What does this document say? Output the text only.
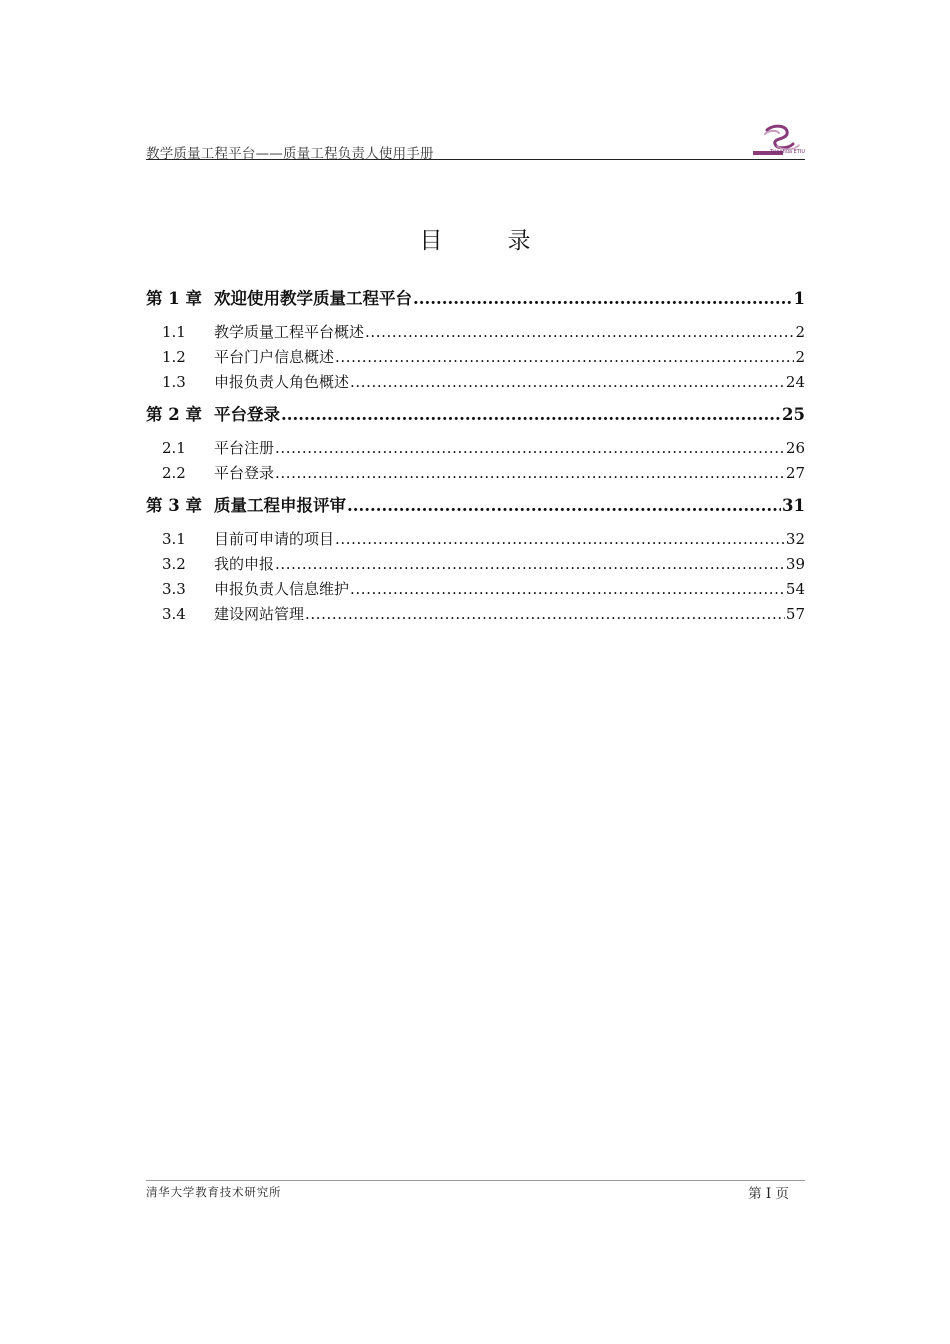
教学质量工程平台——质量工程负责人使用手册	Tsinghua ETIU
目录
第 1 章 欢迎使用教学质量工程平台 .....	1
1.1	教学质量工程平台概述 .....	2
1.2	平台门户信息概述 .....	2
1.3	申报负责人角色概述 .....	24
第 2 章 平台登录 .....	25
2.1	平台注册 .....	26
2.2	平台登录 .....	27
第 3 章 质量工程申报评审 .....	31
3.1	目前可申请的项目 .....	32
3.2	我的申报 .....	39
3.3	申报负责人信息维护 .....	54
3.4	建设网站管理 .....	57
清华大学教育技术研究所	第 I 页
